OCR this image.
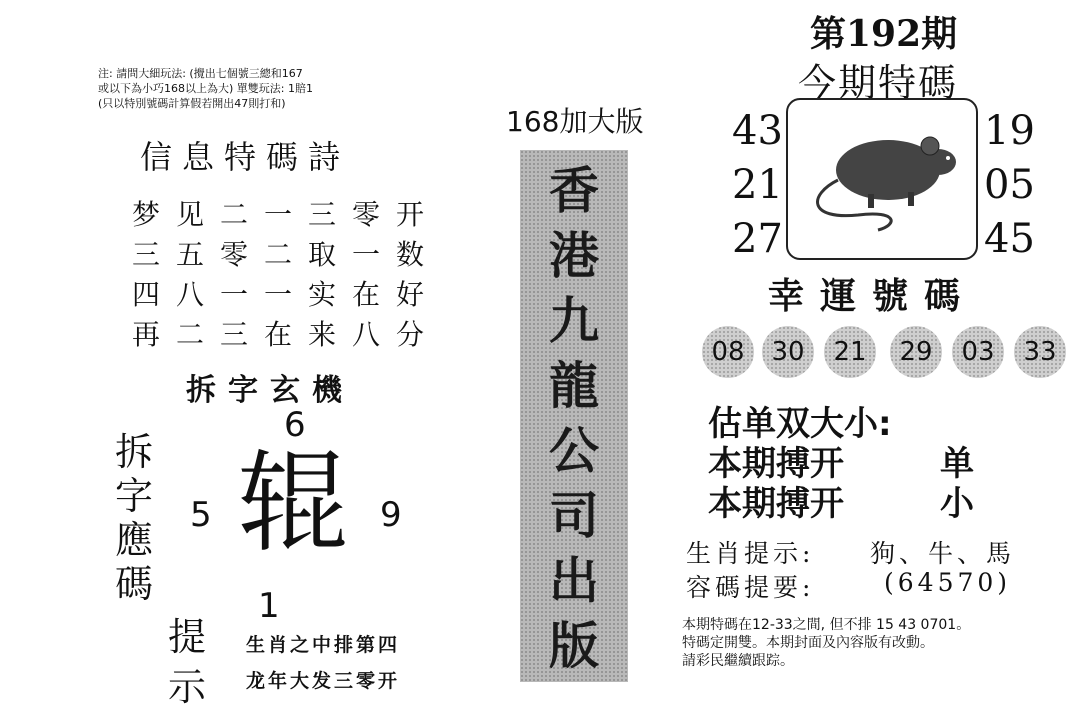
注: 請問大細玩法: (攪出七個號三總和167
或以下為小巧168以上為大) 單雙玩法: 1賠1
(只以特別號碼計算假若開出47則打和)
信息特碼詩
梦见二一三零开
三五零二取一数
四八一一实在好
再二三在来八分
拆字玄機
拆
字
應
碼
6
5	9
辊
1
提
示
生肖之中排第四
龙年大发三零开
168加大版
香
港
九
龍
公
司
出
版
第192期
今期特碼
43
21
27
19
05
45
幸運號碼
08	30	21	29	03	33
估单双大小:
本期搏开	单
本期搏开	小
生肖提示: 狗、牛、馬
容碼提要:	(64570)
本期特碼在12-33之間, 但不排 15 43 0701。
特碼定開雙。本期封面及內容版有改動。
請彩民繼續跟踪。
